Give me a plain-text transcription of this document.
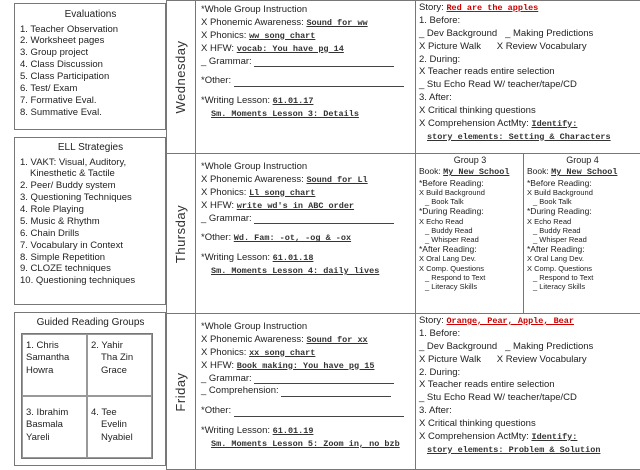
Evaluations
1. Teacher Observation
2. Worksheet pages
3. Group project
4. Class Discussion
5. Class Participation
6. Test/ Exam
7. Formative Eval.
8. Summative Eval.
ELL Strategies
1. VAKT: Visual, Auditory,
Kinesthetic & Tactile
2. Peer/ Buddy system
3. Questioning Techniques
4. Role Playing
5. Music & Rhythm
6. Chain Drills
7. Vocabulary in Context
8. Simple Repetition
9. CLOZE techniques
10. Questioning techniques
Guided Reading Groups
1. Chris
Samantha
Howra
2. Yahir
Tha Zin
Grace
3. Ibrahim
Basmala
Yareli
4. Tee
Evelin
Nyabiel
Wednesday
*Whole Group Instruction
X Phonemic Awareness: Sound for ww
X Phonics: ww song chart
X HFW: vocab: You have pg 14
_ Grammar:
*Other:
*Writing Lesson: 61.01.17
Sm. Moments Lesson 3: Details
Story: Red are the apples
1. Before:
_ Dev Background _ Making Predictions
X Picture Walk X Review Vocabulary
2. During:
X Teacher reads entire selection
_ Stu Echo Read W/ teacher/tape/CD
3. After:
X Critical thinking questions
X Comprehension ActMty: Identify:
story elements: Setting & Characters
Thursday
*Whole Group Instruction
X Phonemic Awareness: Sound for Ll
X Phonics: Ll song chart
X HFW: write wd's in ABC order
_ Grammar:
*Other: Wd. Fam: -ot, -og & -ox
*Writing Lesson: 61.01.18
Sm. Moments Lesson 4: daily lives
Group 3
Book: My New School
*Before Reading:
X Build Background
_ Book Talk
*During Reading:
X Echo Read
_ Buddy Read
_ Whisper Read
*After Reading:
X Oral Lang Dev.
X Comp. Questions
_ Respond to Text
_ Literacy Skills
Group 4
Book: My New School
*Before Reading:
X Build Background
_ Book Talk
*During Reading:
X Echo Read
_ Buddy Read
_ Whisper Read
*After Reading:
X Oral Lang Dev.
X Comp. Questions
_ Respond to Text
_ Literacy Skills
Friday
*Whole Group Instruction
X Phonemic Awareness: Sound for xx
X Phonics: xx song chart
X HFW: Book making: You have pg 15
_ Grammar:
_ Comprehension:
*Other:
*Writing Lesson: 61.01.19
Sm. Moments Lesson 5: Zoom in, no bzb
Story: Orange, Pear, Apple, Bear
1. Before:
_ Dev Background _ Making Predictions
X Picture Walk X Review Vocabulary
2. During:
X Teacher reads entire selection
_ Stu Echo Read W/ teacher/tape/CD
3. After:
X Critical thinking questions
X Comprehension ActMty: Identify:
story elements: Problem & Solution
